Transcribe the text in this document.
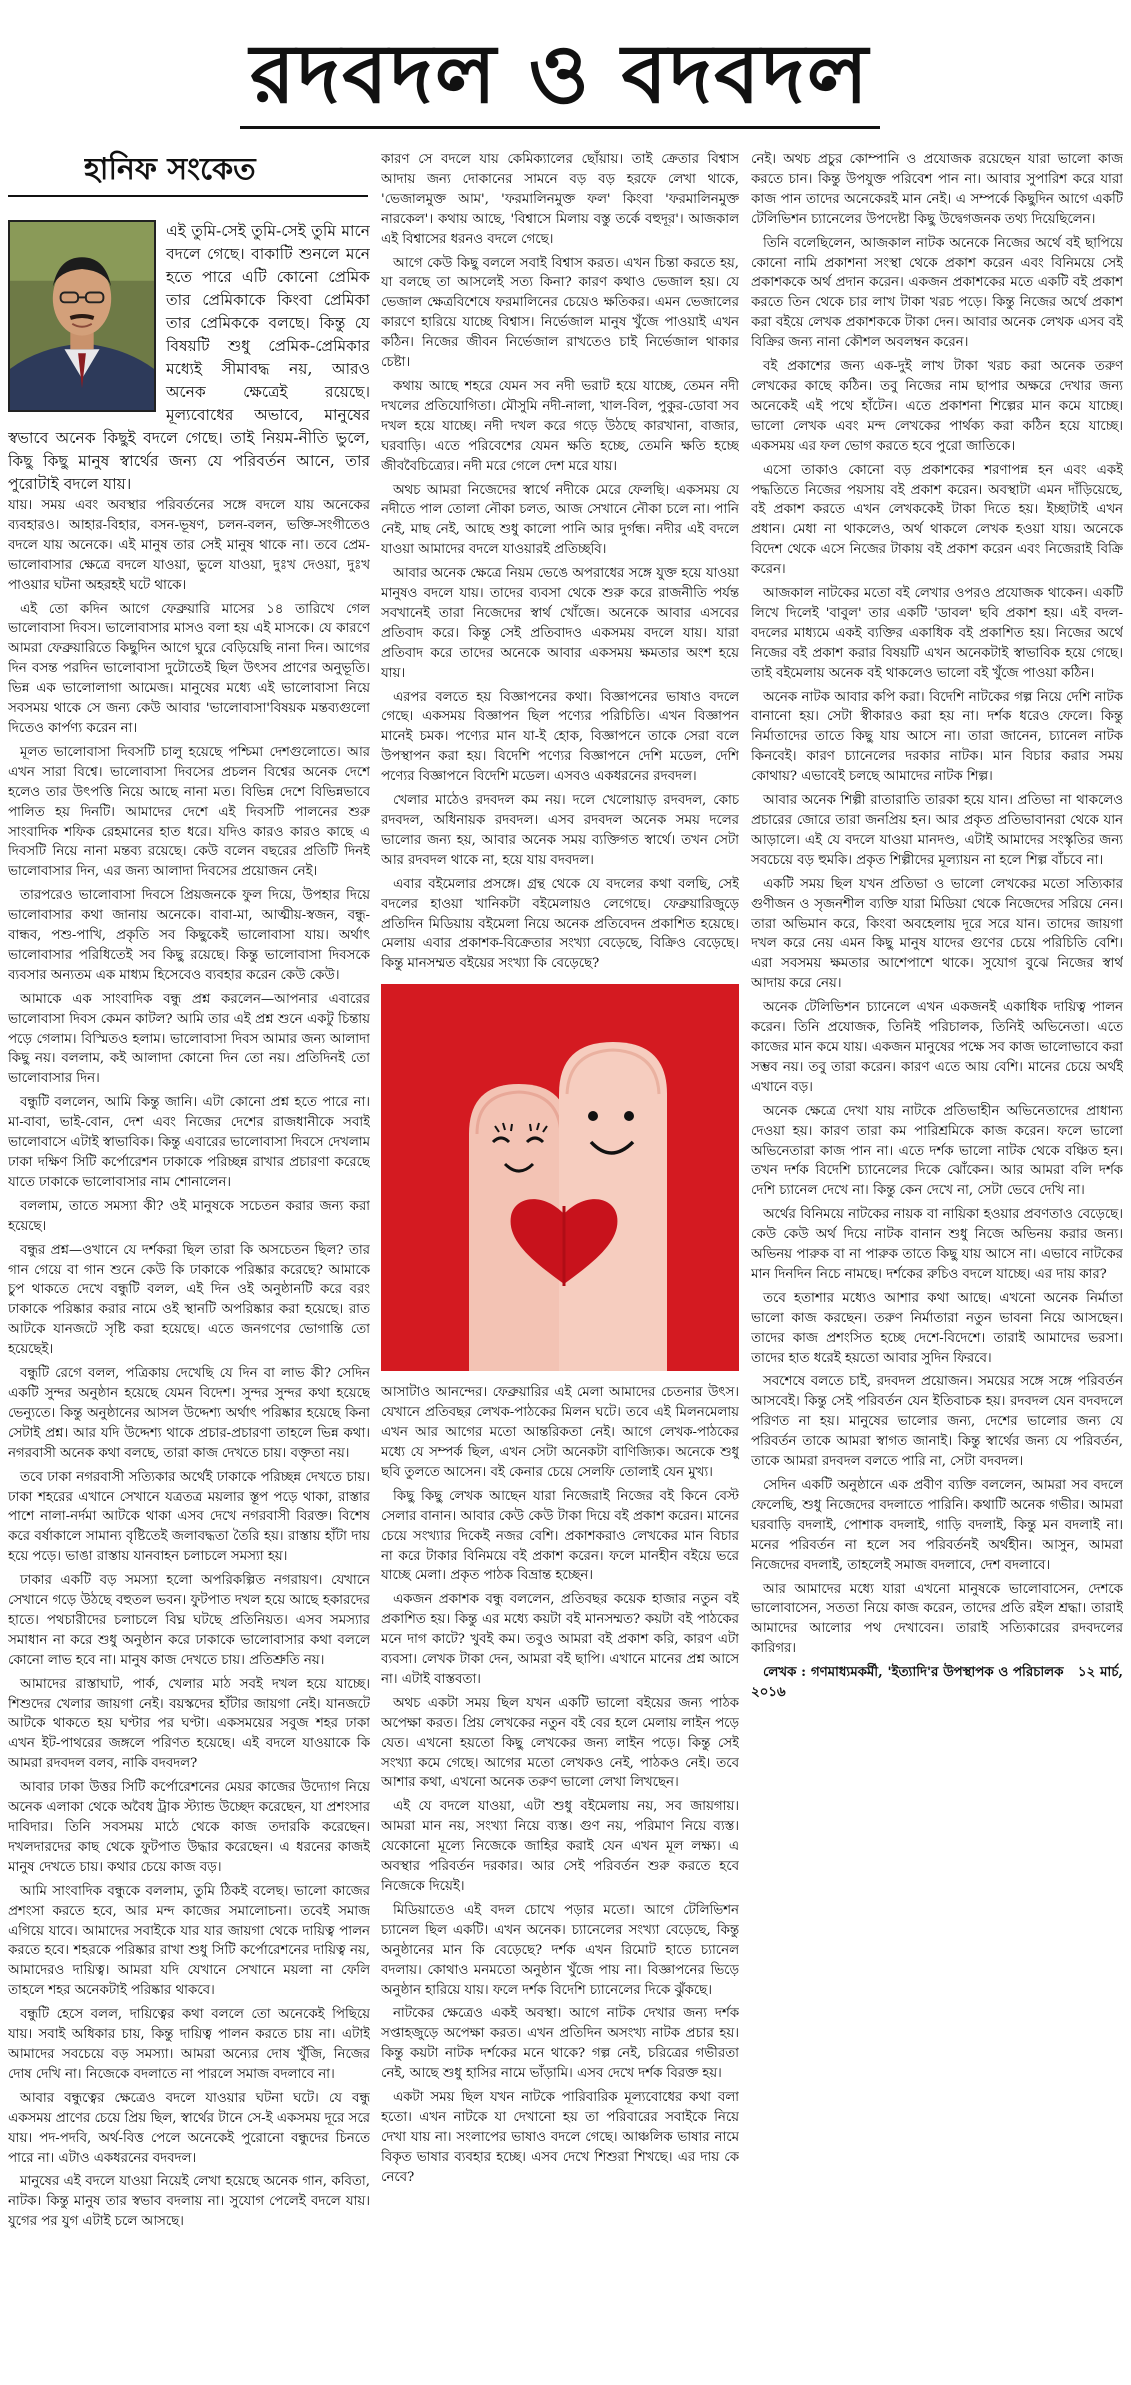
রদবদল ও বদবদল
হানিফ সংকেত
এই তুমি-সেই তুমি-সেই তুমি মানে বদলে গেছে। বাকাটি শুনলে মনে হতে পারে এটি কোনো প্রেমিক তার প্রেমিকাকে কিংবা প্রেমিকা তার প্রেমিককে বলছে। কিন্তু যে বিষয়টি শুধু প্রেমিক-প্রেমিকার মধ্যেই সীমাবদ্ধ নয়, আরও অনেক ক্ষেত্রেই রয়েছে। মূল্যবোধের অভাবে, মানুষের স্বভাবে অনেক কিছুই বদলে গেছে। তাই নিয়ম-নীতি ভুলে, কিছু কিছু মানুষ স্বার্থের জন্য যে পরিবর্তন আনে, তার পুরোটাই বদলে যায়।

যায়। সময় এবং অবস্থার পরিবর্তনের সঙ্গে বদলে যায় অনেকের ব্যবহারও। আহার-বিহার, বসন-ভূষণ, চলন-বলন, ভক্তি-সংগীতেও বদলে যায় অনেকে। এই মানুষ তার সেই মানুষ থাকে না। তবে প্রেম-ভালোবাসার ক্ষেত্রে বদলে যাওয়া, ভুলে যাওয়া, দুঃখ দেওয়া, দুঃখ পাওয়ার ঘটনা অহরহই ঘটে থাকে।

এই তো কদিন আগে ফেব্রুয়ারি মাসের ১৪ তারিখে গেল ভালোবাসা দিবস। ভালোবাসার মাসও বলা হয় এই মাসকে। যে কারণে আমরা ফেব্রুয়ারিতে কিছুদিন আগে ঘুরে বেড়িয়েছি নানা দিন। আগের দিন বসন্ত পরদিন ভালোবাসা দুটোতেই ছিল উৎসব প্রাণের অনুভূতি। ভিন্ন এক ভালোলাগা আমেজ। মানুষের মধ্যে এই ভালোবাসা নিয়ে সবসময় থাকে সে জন্য কেউ আবার 'ভালোবাসা'বিষয়ক মন্তব্যগুলো দিতেও কার্পণ্য করেন না।

মূলত ভালোবাসা দিবসটি চালু হয়েছে পশ্চিমা দেশগুলোতে। আর এখন সারা বিশ্বে। ভালোবাসা দিবসের প্রচলন বিশ্বের অনেক দেশে হলেও তার উৎপত্তি নিয়ে আছে নানা মত। বিভিন্ন দেশে বিভিন্নভাবে পালিত হয় দিনটি। আমাদের দেশে এই দিবসটি পালনের শুরু সাংবাদিক শফিক রেহমানের হাত ধরে। যদিও কারও কারও কাছে এ দিবসটি নিয়ে নানা মন্তব্য রয়েছে। কেউ বলেন বছরের প্রতিটি দিনই ভালোবাসার দিন, এর জন্য আলাদা দিবসের প্রয়োজন নেই।

তারপরেও ভালোবাসা দিবসে প্রিয়জনকে ফুল দিয়ে, উপহার দিয়ে ভালোবাসার কথা জানায় অনেকে। বাবা-মা, আত্মীয়-স্বজন, বন্ধু-বান্ধব, পশু-পাখি, প্রকৃতি সব কিছুকেই ভালোবাসা যায়। অর্থাৎ ভালোবাসার পরিধিতেই সব কিছু রয়েছে। কিন্তু ভালোবাসা দিবসকে ব্যবসার অন্যতম এক মাধ্যম হিসেবেও ব্যবহার করেন কেউ কেউ।

আমাকে এক সাংবাদিক বন্ধু প্রশ্ন করলেন—আপনার এবারের ভালোবাসা দিবস কেমন কাটল? আমি তার এই প্রশ্ন শুনে একটু চিন্তায় পড়ে গেলাম। বিস্মিতও হলাম। ভালোবাসা দিবস আমার জন্য আলাদা কিছু নয়। বললাম, কই আলাদা কোনো দিন তো নয়। প্রতিদিনই তো ভালোবাসার দিন।

বন্ধুটি বললেন, আমি কিন্তু জানি। এটা কোনো প্রশ্ন হতে পারে না। মা-বাবা, ভাই-বোন, দেশ এবং নিজের দেশের রাজধানীকে সবাই ভালোবাসে এটাই স্বাভাবিক। কিন্তু এবারের ভালোবাসা দিবসে দেখলাম ঢাকা দক্ষিণ সিটি কর্পোরেশন ঢাকাকে পরিচ্ছন্ন রাখার প্রচারণা করেছে যাতে ঢাকাকে ভালোবাসার নাম শোনালেন।

বললাম, তাতে সমস্যা কী? ওই মানুষকে সচেতন করার জন্য করা হয়েছে।

বন্ধুর প্রশ্ন—ওখানে যে দর্শকরা ছিল তারা কি অসচেতন ছিল? তার গান গেয়ে বা গান শুনে কেউ কি ঢাকাকে পরিষ্কার করেছে? আমাকে চুপ থাকতে দেখে বন্ধুটি বলল, এই দিন ওই অনুষ্ঠানটি করে বরং ঢাকাকে পরিষ্কার করার নামে ওই স্থানটি অপরিষ্কার করা হয়েছে। রাত আটকে যানজটে সৃষ্টি করা হয়েছে। এতে জনগণের ভোগান্তি তো হয়েছেই।

বন্ধুটি রেগে বলল, পত্রিকায় দেখেছি যে দিন বা লাভ কী? সেদিন একটি সুন্দর অনুষ্ঠান হয়েছে যেমন বিদেশ। সুন্দর সুন্দর কথা হয়েছে ভেন্যুতে। কিন্তু অনুষ্ঠানের আসল উদ্দেশ্য অর্থাৎ পরিষ্কার হয়েছে কিনা সেটাই প্রশ্ন। আর যদি উদ্দেশ্য থাকে প্রচার-প্রচারণা তাহলে ভিন্ন কথা। নগরবাসী অনেক কথা বলছে, তারা কাজ দেখতে চায়। বক্তৃতা নয়।

তবে ঢাকা নগরবাসী সত্যিকার অর্থেই ঢাকাকে পরিচ্ছন্ন দেখতে চায়। ঢাকা শহরের এখানে সেখানে যত্রতত্র ময়লার স্তূপ পড়ে থাকা, রাস্তার পাশে নালা-নর্দমা আটকে থাকা এসব দেখে নগরবাসী বিরক্ত। বিশেষ করে বর্ষাকালে সামান্য বৃষ্টিতেই জলাবদ্ধতা তৈরি হয়। রাস্তায় হাঁটা দায় হয়ে পড়ে। ভাঙা রাস্তায় যানবাহন চলাচলে সমস্যা হয়।

ঢাকার একটি বড় সমস্যা হলো অপরিকল্পিত নগরায়ণ। যেখানে সেখানে গড়ে উঠছে বহুতল ভবন। ফুটপাত দখল হয়ে আছে হকারদের হাতে। পথচারীদের চলাচলে বিঘ্ন ঘটছে প্রতিনিয়ত। এসব সমস্যার সমাধান না করে শুধু অনুষ্ঠান করে ঢাকাকে ভালোবাসার কথা বললে কোনো লাভ হবে না। মানুষ কাজ দেখতে চায়। প্রতিশ্রুতি নয়।

আমাদের রাস্তাঘাট, পার্ক, খেলার মাঠ সবই দখল হয়ে যাচ্ছে। শিশুদের খেলার জায়গা নেই। বয়স্কদের হাঁটার জায়গা নেই। যানজটে আটকে থাকতে হয় ঘণ্টার পর ঘণ্টা। একসময়ের সবুজ শহর ঢাকা এখন ইট-পাথরের জঙ্গলে পরিণত হয়েছে। এই বদলে যাওয়াকে কি আমরা রদবদল বলব, নাকি বদবদল?

আবার ঢাকা উত্তর সিটি কর্পোরেশনের মেয়র কাজের উদ্যোগ নিয়ে অনেক এলাকা থেকে অবৈধ ট্রাক স্ট্যান্ড উচ্ছেদ করেছেন, যা প্রশংসার দাবিদার। তিনি সবসময় মাঠে থেকে কাজ তদারকি করেছেন। দখলদারদের কাছ থেকে ফুটপাত উদ্ধার করেছেন। এ ধরনের কাজই মানুষ দেখতে চায়। কথার চেয়ে কাজ বড়।

আমি সাংবাদিক বন্ধুকে বললাম, তুমি ঠিকই বলেছ। ভালো কাজের প্রশংসা করতে হবে, আর মন্দ কাজের সমালোচনা। তবেই সমাজ এগিয়ে যাবে। আমাদের সবাইকে যার যার জায়গা থেকে দায়িত্ব পালন করতে হবে। শহরকে পরিষ্কার রাখা শুধু সিটি কর্পোরেশনের দায়িত্ব নয়, আমাদেরও দায়িত্ব। আমরা যদি যেখানে সেখানে ময়লা না ফেলি তাহলে শহর অনেকটাই পরিষ্কার থাকবে।

বন্ধুটি হেসে বলল, দায়িত্বের কথা বললে তো অনেকেই পিছিয়ে যায়। সবাই অধিকার চায়, কিন্তু দায়িত্ব পালন করতে চায় না। এটাই আমাদের সবচেয়ে বড় সমস্যা। আমরা অন্যের দোষ খুঁজি, নিজের দোষ দেখি না। নিজেকে বদলাতে না পারলে সমাজ বদলাবে না।

আবার বন্ধুত্বের ক্ষেত্রেও বদলে যাওয়ার ঘটনা ঘটে। যে বন্ধু একসময় প্রাণের চেয়ে প্রিয় ছিল, স্বার্থের টানে সে-ই একসময় দূরে সরে যায়। পদ-পদবি, অর্থ-বিত্ত পেলে অনেকেই পুরোনো বন্ধুদের চিনতে পারে না। এটাও একধরনের বদবদল।

মানুষের এই বদলে যাওয়া নিয়েই লেখা হয়েছে অনেক গান, কবিতা, নাটক। কিন্তু মানুষ তার স্বভাব বদলায় না। সুযোগ পেলেই বদলে যায়। যুগের পর যুগ এটাই চলে আসছে।

কারণ সে বদলে যায় কেমিক্যালের ছোঁয়ায়। তাই ক্রেতার বিশ্বাস আদায় জন্য দোকানের সামনে বড় বড় হরফে লেখা থাকে, 'ভেজালমুক্ত আম', 'ফরমালিনমুক্ত ফল' কিংবা 'ফরমালিনমুক্ত নারকেল'। কথায় আছে, 'বিশ্বাসে মিলায় বস্তু তর্কে বহুদূর'। আজকাল এই বিশ্বাসের ধরনও বদলে গেছে।

আগে কেউ কিছু বললে সবাই বিশ্বাস করত। এখন চিন্তা করতে হয়, যা বলছে তা আসলেই সত্য কিনা? কারণ কথাও ভেজাল হয়। যে ভেজাল ক্ষেত্রবিশেষে ফরমালিনের চেয়েও ক্ষতিকর। এমন ভেজালের কারণে হারিয়ে যাচ্ছে বিশ্বাস। নির্ভেজাল মানুষ খুঁজে পাওয়াই এখন কঠিন। নিজের জীবন নির্ভেজাল রাখতেও চাই নির্ভেজাল থাকার চেষ্টা।

কথায় আছে শহরে যেমন সব নদী ভরাট হয়ে যাচ্ছে, তেমন নদী দখলের প্রতিযোগিতা। মৌসুমি নদী-নালা, খাল-বিল, পুকুর-ডোবা সব দখল হয়ে যাচ্ছে। নদী দখল করে গড়ে উঠছে কারখানা, বাজার, ঘরবাড়ি। এতে পরিবেশের যেমন ক্ষতি হচ্ছে, তেমনি ক্ষতি হচ্ছে জীববৈচিত্র্যের। নদী মরে গেলে দেশ মরে যায়।

অথচ আমরা নিজেদের স্বার্থে নদীকে মেরে ফেলছি। একসময় যে নদীতে পাল তোলা নৌকা চলত, আজ সেখানে নৌকা চলে না। পানি নেই, মাছ নেই, আছে শুধু কালো পানি আর দুর্গন্ধ। নদীর এই বদলে যাওয়া আমাদের বদলে যাওয়ারই প্রতিচ্ছবি।

আবার অনেক ক্ষেত্রে নিয়ম ভেঙে অপরাধের সঙ্গে যুক্ত হয়ে যাওয়া মানুষও বদলে যায়। তাদের ব্যবসা থেকে শুরু করে রাজনীতি পর্যন্ত সবখানেই তারা নিজেদের স্বার্থ খোঁজে। অনেকে আবার এসবের প্রতিবাদ করে। কিন্তু সেই প্রতিবাদও একসময় বদলে যায়। যারা প্রতিবাদ করে তাদের অনেকে আবার একসময় ক্ষমতার অংশ হয়ে যায়।

এরপর বলতে হয় বিজ্ঞাপনের কথা। বিজ্ঞাপনের ভাষাও বদলে গেছে। একসময় বিজ্ঞাপন ছিল পণ্যের পরিচিতি। এখন বিজ্ঞাপন মানেই চমক। পণ্যের মান যা-ই হোক, বিজ্ঞাপনে তাকে সেরা বলে উপস্থাপন করা হয়। বিদেশি পণ্যের বিজ্ঞাপনে দেশি মডেল, দেশি পণ্যের বিজ্ঞাপনে বিদেশি মডেল। এসবও একধরনের রদবদল।

খেলার মাঠেও রদবদল কম নয়। দলে খেলোয়াড় রদবদল, কোচ রদবদল, অধিনায়ক রদবদল। এসব রদবদল অনেক সময় দলের ভালোর জন্য হয়, আবার অনেক সময় ব্যক্তিগত স্বার্থে। তখন সেটা আর রদবদল থাকে না, হয়ে যায় বদবদল।

এবার বইমেলার প্রসঙ্গে। গ্রন্থ থেকে যে বদলের কথা বলছি, সেই বদলের হাওয়া খানিকটা বইমেলায়ও লেগেছে। ফেব্রুয়ারিজুড়ে প্রতিদিন মিডিয়ায় বইমেলা নিয়ে অনেক প্রতিবেদন প্রকাশিত হয়েছে। মেলায় এবার প্রকাশক-বিক্রেতার সংখ্যা বেড়েছে, বিক্রিও বেড়েছে। কিন্তু মানসম্মত বইয়ের সংখ্যা কি বেড়েছে?

আসাটাও আনন্দের। ফেব্রুয়ারির এই মেলা আমাদের চেতনার উৎস। যেখানে প্রতিবছর লেখক-পাঠকের মিলন ঘটে। তবে এই মিলনমেলায় এখন আর আগের মতো আন্তরিকতা নেই। আগে লেখক-পাঠকের মধ্যে যে সম্পর্ক ছিল, এখন সেটা অনেকটা বাণিজ্যিক। অনেকে শুধু ছবি তুলতে আসেন। বই কেনার চেয়ে সেলফি তোলাই যেন মুখ্য।

কিছু কিছু লেখক আছেন যারা নিজেরাই নিজের বই কিনে বেস্ট সেলার বানান। আবার কেউ কেউ টাকা দিয়ে বই প্রকাশ করেন। মানের চেয়ে সংখ্যার দিকেই নজর বেশি। প্রকাশকরাও লেখকের মান বিচার না করে টাকার বিনিময়ে বই প্রকাশ করেন। ফলে মানহীন বইয়ে ভরে যাচ্ছে মেলা। প্রকৃত পাঠক বিভ্রান্ত হচ্ছেন।

একজন প্রকাশক বন্ধু বললেন, প্রতিবছর কয়েক হাজার নতুন বই প্রকাশিত হয়। কিন্তু এর মধ্যে কয়টা বই মানসম্মত? কয়টা বই পাঠকের মনে দাগ কাটে? খুবই কম। তবুও আমরা বই প্রকাশ করি, কারণ এটা ব্যবসা। লেখক টাকা দেন, আমরা বই ছাপি। এখানে মানের প্রশ্ন আসে না। এটাই বাস্তবতা।

অথচ একটা সময় ছিল যখন একটি ভালো বইয়ের জন্য পাঠক অপেক্ষা করত। প্রিয় লেখকের নতুন বই বের হলে মেলায় লাইন পড়ে যেত। এখনো হয়তো কিছু লেখকের জন্য লাইন পড়ে। কিন্তু সেই সংখ্যা কমে গেছে। আগের মতো লেখকও নেই, পাঠকও নেই। তবে আশার কথা, এখনো অনেক তরুণ ভালো লেখা লিখছেন।

এই যে বদলে যাওয়া, এটা শুধু বইমেলায় নয়, সব জায়গায়। আমরা মান নয়, সংখ্যা নিয়ে ব্যস্ত। গুণ নয়, পরিমাণ নিয়ে ব্যস্ত। যেকোনো মূল্যে নিজেকে জাহির করাই যেন এখন মূল লক্ষ্য। এ অবস্থার পরিবর্তন দরকার। আর সেই পরিবর্তন শুরু করতে হবে নিজেকে দিয়েই।

মিডিয়াতেও এই বদল চোখে পড়ার মতো। আগে টেলিভিশন চ্যানেল ছিল একটি। এখন অনেক। চ্যানেলের সংখ্যা বেড়েছে, কিন্তু অনুষ্ঠানের মান কি বেড়েছে? দর্শক এখন রিমোট হাতে চ্যানেল বদলায়। কোথাও মনমতো অনুষ্ঠান খুঁজে পায় না। বিজ্ঞাপনের ভিড়ে অনুষ্ঠান হারিয়ে যায়। ফলে দর্শক বিদেশি চ্যানেলের দিকে ঝুঁকছে।

নাটকের ক্ষেত্রেও একই অবস্থা। আগে নাটক দেখার জন্য দর্শক সপ্তাহজুড়ে অপেক্ষা করত। এখন প্রতিদিন অসংখ্য নাটক প্রচার হয়। কিন্তু কয়টা নাটক দর্শকের মনে থাকে? গল্প নেই, চরিত্রের গভীরতা নেই, আছে শুধু হাসির নামে ভাঁড়ামি। এসব দেখে দর্শক বিরক্ত হয়।

একটা সময় ছিল যখন নাটকে পারিবারিক মূল্যবোধের কথা বলা হতো। এখন নাটকে যা দেখানো হয় তা পরিবারের সবাইকে নিয়ে দেখা যায় না। সংলাপের ভাষাও বদলে গেছে। আঞ্চলিক ভাষার নামে বিকৃত ভাষার ব্যবহার হচ্ছে। এসব দেখে শিশুরা শিখছে। এর দায় কে নেবে?

নেই। অথচ প্রচুর কোম্পানি ও প্রযোজক রয়েছেন যারা ভালো কাজ করতে চান। কিন্তু উপযুক্ত পরিবেশ পান না। আবার সুপারিশ করে যারা কাজ পান তাদের অনেকেরই মান নেই। এ সম্পর্কে কিছুদিন আগে একটি টেলিভিশন চ্যানেলের উপদেষ্টা কিছু উদ্বেগজনক তথ্য দিয়েছিলেন।

তিনি বলেছিলেন, আজকাল নাটক অনেকে নিজের অর্থে বই ছাপিয়ে কোনো নামি প্রকাশনা সংস্থা থেকে প্রকাশ করেন এবং বিনিময়ে সেই প্রকাশককে অর্থ প্রদান করেন। একজন প্রকাশকের মতে একটি বই প্রকাশ করতে তিন থেকে চার লাখ টাকা খরচ পড়ে। কিন্তু নিজের অর্থে প্রকাশ করা বইয়ে লেখক প্রকাশককে টাকা দেন। আবার অনেক লেখক এসব বই বিক্রির জন্য নানা কৌশল অবলম্বন করেন।

বই প্রকাশের জন্য এক-দুই লাখ টাকা খরচ করা অনেক তরুণ লেখকের কাছে কঠিন। তবু নিজের নাম ছাপার অক্ষরে দেখার জন্য অনেকেই এই পথে হাঁটেন। এতে প্রকাশনা শিল্পের মান কমে যাচ্ছে। ভালো লেখক এবং মন্দ লেখকের পার্থক্য করা কঠিন হয়ে যাচ্ছে। একসময় এর ফল ভোগ করতে হবে পুরো জাতিকে।

এসো তাকাও কোনো বড় প্রকাশকের শরণাপন্ন হন এবং একই পদ্ধতিতে নিজের পয়সায় বই প্রকাশ করেন। অবস্থাটা এমন দাঁড়িয়েছে, বই প্রকাশ করতে এখন লেখককেই টাকা দিতে হয়। ইচ্ছাটাই এখন প্রধান। মেধা না থাকলেও, অর্থ থাকলে লেখক হওয়া যায়। অনেকে বিদেশ থেকে এসে নিজের টাকায় বই প্রকাশ করেন এবং নিজেরাই বিক্রি করেন।

আজকাল নাটকের মতো বই লেখার ওপরও প্রযোজক থাকেন। একটি লিখে দিলেই 'বাবুল' তার একটি 'ডাবল' ছবি প্রকাশ হয়। এই বদল-বদলের মাধ্যমে একই ব্যক্তির একাধিক বই প্রকাশিত হয়। নিজের অর্থে নিজের বই প্রকাশ করার বিষয়টি এখন অনেকটাই স্বাভাবিক হয়ে গেছে। তাই বইমেলায় অনেক বই থাকলেও ভালো বই খুঁজে পাওয়া কঠিন।

অনেক নাটক আবার কপি করা। বিদেশি নাটকের গল্প নিয়ে দেশি নাটক বানানো হয়। সেটা স্বীকারও করা হয় না। দর্শক ধরেও ফেলে। কিন্তু নির্মাতাদের তাতে কিছু যায় আসে না। তারা জানেন, চ্যানেল নাটক কিনবেই। কারণ চ্যানেলের দরকার নাটক। মান বিচার করার সময় কোথায়? এভাবেই চলছে আমাদের নাটক শিল্প।

আবার অনেক শিল্পী রাতারাতি তারকা হয়ে যান। প্রতিভা না থাকলেও প্রচারের জোরে তারা জনপ্রিয় হন। আর প্রকৃত প্রতিভাবানরা থেকে যান আড়ালে। এই যে বদলে যাওয়া মানদণ্ড, এটাই আমাদের সংস্কৃতির জন্য সবচেয়ে বড় হুমকি। প্রকৃত শিল্পীদের মূল্যায়ন না হলে শিল্প বাঁচবে না।

একটি সময় ছিল যখন প্রতিভা ও ভালো লেখকের মতো সত্যিকার গুণীজন ও সৃজনশীল ব্যক্তি যারা মিডিয়া থেকে নিজেদের সরিয়ে নেন। তারা অভিমান করে, কিংবা অবহেলায় দূরে সরে যান। তাদের জায়গা দখল করে নেয় এমন কিছু মানুষ যাদের গুণের চেয়ে পরিচিতি বেশি। এরা সবসময় ক্ষমতার আশেপাশে থাকে। সুযোগ বুঝে নিজের স্বার্থ আদায় করে নেয়।

অনেক টেলিভিশন চ্যানেলে এখন একজনই একাধিক দায়িত্ব পালন করেন। তিনি প্রযোজক, তিনিই পরিচালক, তিনিই অভিনেতা। এতে কাজের মান কমে যায়। একজন মানুষের পক্ষে সব কাজ ভালোভাবে করা সম্ভব নয়। তবু তারা করেন। কারণ এতে আয় বেশি। মানের চেয়ে অর্থই এখানে বড়।

অনেক ক্ষেত্রে দেখা যায় নাটকে প্রতিভাহীন অভিনেতাদের প্রাধান্য দেওয়া হয়। কারণ তারা কম পারিশ্রমিকে কাজ করেন। ফলে ভালো অভিনেতারা কাজ পান না। এতে দর্শক ভালো নাটক থেকে বঞ্চিত হন। তখন দর্শক বিদেশি চ্যানেলের দিকে ঝোঁকেন। আর আমরা বলি দর্শক দেশি চ্যানেল দেখে না। কিন্তু কেন দেখে না, সেটা ভেবে দেখি না।

অর্থের বিনিময়ে নাটকের নায়ক বা নায়িকা হওয়ার প্রবণতাও বেড়েছে। কেউ কেউ অর্থ দিয়ে নাটক বানান শুধু নিজে অভিনয় করার জন্য। অভিনয় পারুক বা না পারুক তাতে কিছু যায় আসে না। এভাবে নাটকের মান দিনদিন নিচে নামছে। দর্শকের রুচিও বদলে যাচ্ছে। এর দায় কার?

তবে হতাশার মধ্যেও আশার কথা আছে। এখনো অনেক নির্মাতা ভালো কাজ করছেন। তরুণ নির্মাতারা নতুন ভাবনা নিয়ে আসছেন। তাদের কাজ প্রশংসিত হচ্ছে দেশে-বিদেশে। তারাই আমাদের ভরসা। তাদের হাত ধরেই হয়তো আবার সুদিন ফিরবে।

সবশেষে বলতে চাই, রদবদল প্রয়োজন। সময়ের সঙ্গে সঙ্গে পরিবর্তন আসবেই। কিন্তু সেই পরিবর্তন যেন ইতিবাচক হয়। রদবদল যেন বদবদলে পরিণত না হয়। মানুষের ভালোর জন্য, দেশের ভালোর জন্য যে পরিবর্তন তাকে আমরা স্বাগত জানাই। কিন্তু স্বার্থের জন্য যে পরিবর্তন, তাকে আমরা রদবদল বলতে পারি না, সেটা বদবদল।

সেদিন একটি অনুষ্ঠানে এক প্রবীণ ব্যক্তি বললেন, আমরা সব বদলে ফেলেছি, শুধু নিজেদের বদলাতে পারিনি। কথাটি অনেক গভীর। আমরা ঘরবাড়ি বদলাই, পোশাক বদলাই, গাড়ি বদলাই, কিন্তু মন বদলাই না। মনের পরিবর্তন না হলে সব পরিবর্তনই অর্থহীন। আসুন, আমরা নিজেদের বদলাই, তাহলেই সমাজ বদলাবে, দেশ বদলাবে।

আর আমাদের মধ্যে যারা এখনো মানুষকে ভালোবাসেন, দেশকে ভালোবাসেন, সততা নিয়ে কাজ করেন, তাদের প্রতি রইল শ্রদ্ধা। তারাই আমাদের আলোর পথ দেখাবেন। তারাই সত্যিকারের রদবদলের কারিগর।

লেখক : গণমাধ্যমকর্মী, 'ইত্যাদি'র উপস্থাপক ও পরিচালক ১২ মার্চ, ২০১৬
